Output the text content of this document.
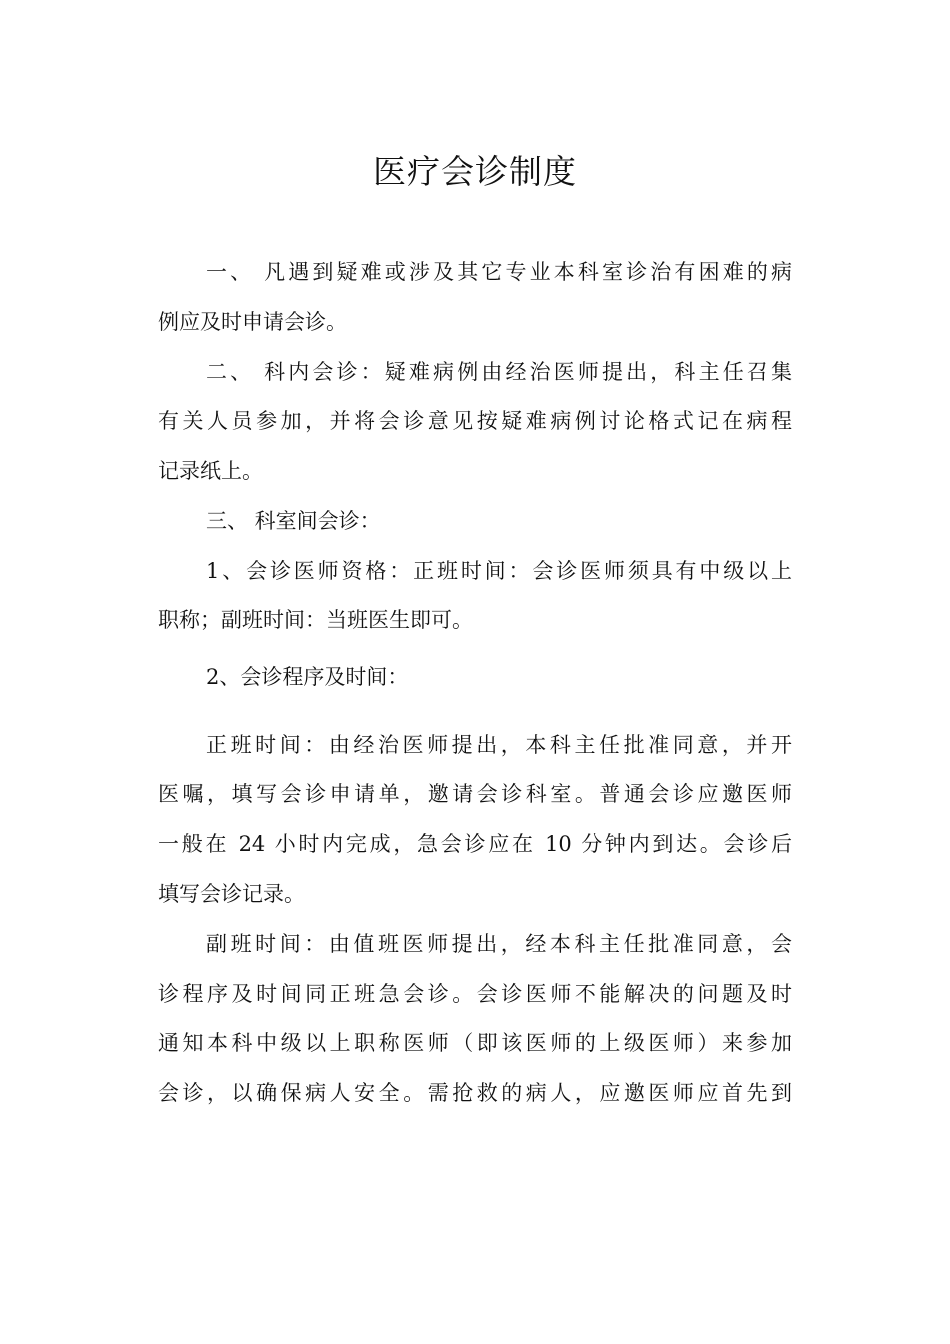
医疗会诊制度
一、 凡遇到疑难或涉及其它专业本科室诊治有困难的病
例应及时申请会诊。
二、 科内会诊：疑难病例由经治医师提出，科主任召集
有关人员参加，并将会诊意见按疑难病例讨论格式记在病程
记录纸上。
三、 科室间会诊：
1、会诊医师资格：正班时间：会诊医师须具有中级以上
职称；副班时间：当班医生即可。
2、会诊程序及时间：
正班时间：由经治医师提出，本科主任批准同意，并开
医嘱，填写会诊申请单，邀请会诊科室。普通会诊应邀医师
一般在 24 小时内完成，急会诊应在 10 分钟内到达。会诊后
填写会诊记录。
副班时间：由值班医师提出，经本科主任批准同意，会
诊程序及时间同正班急会诊。会诊医师不能解决的问题及时
通知本科中级以上职称医师（即该医师的上级医师）来参加
会诊，以确保病人安全。需抢救的病人，应邀医师应首先到
